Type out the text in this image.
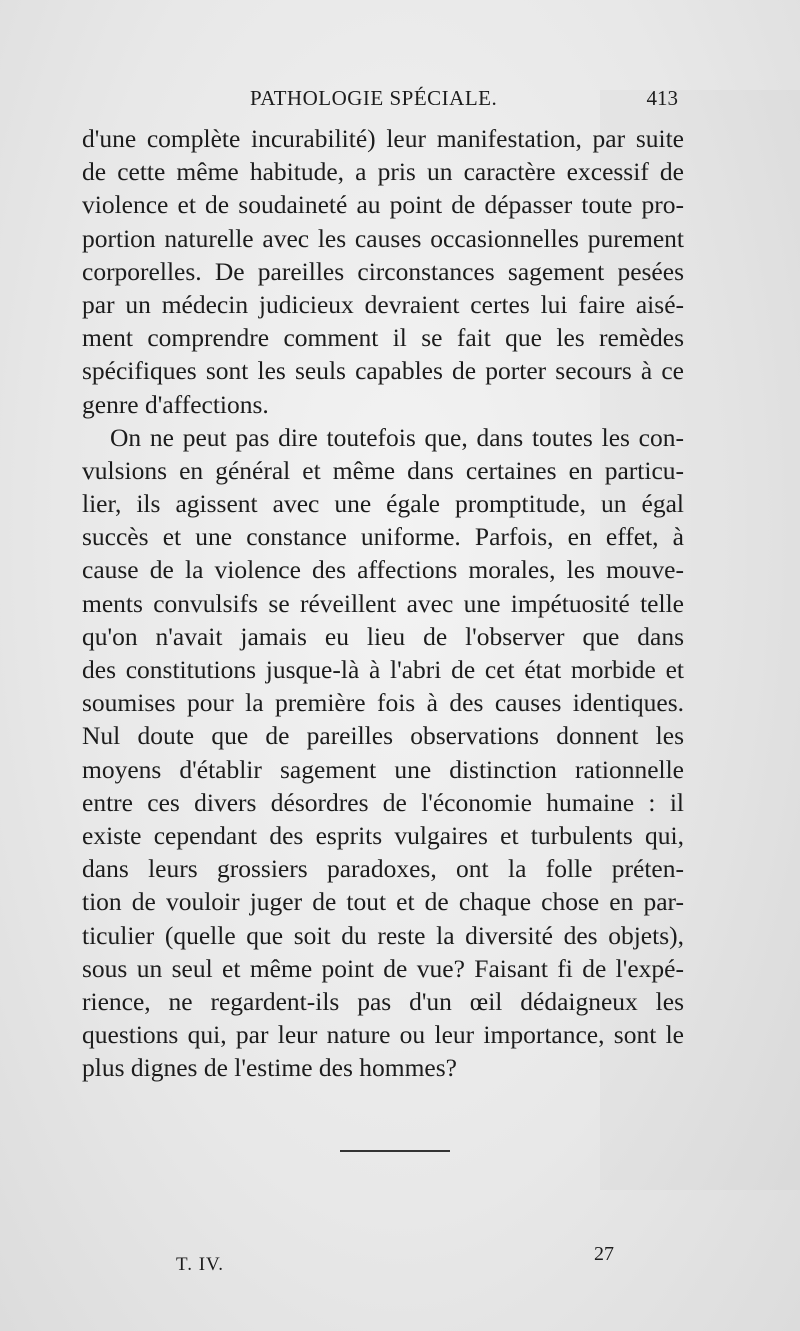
PATHOLOGIE SPÉCIALE.	413
d'une complète incurabilité) leur manifestation, par suite
de cette même habitude, a pris un caractère excessif de
violence et de soudaineté au point de dépasser toute pro-
portion naturelle avec les causes occasionnelles purement
corporelles. De pareilles circonstances sagement pesées
par un médecin judicieux devraient certes lui faire aisé-
ment comprendre comment il se fait que les remèdes
spécifiques sont les seuls capables de porter secours à ce
genre d'affections.
On ne peut pas dire toutefois que, dans toutes les con-
vulsions en général et même dans certaines en particu-
lier, ils agissent avec une égale promptitude, un égal
succès et une constance uniforme. Parfois, en effet, à
cause de la violence des affections morales, les mouve-
ments convulsifs se réveillent avec une impétuosité telle
qu'on n'avait jamais eu lieu de l'observer que dans
des constitutions jusque-là à l'abri de cet état morbide et
soumises pour la première fois à des causes identiques.
Nul doute que de pareilles observations donnent les
moyens d'établir sagement une distinction rationnelle
entre ces divers désordres de l'économie humaine : il
existe cependant des esprits vulgaires et turbulents qui,
dans leurs grossiers paradoxes, ont la folle préten-
tion de vouloir juger de tout et de chaque chose en par-
ticulier (quelle que soit du reste la diversité des objets),
sous un seul et même point de vue? Faisant fi de l'expé-
rience, ne regardent-ils pas d'un œil dédaigneux les
questions qui, par leur nature ou leur importance, sont le
plus dignes de l'estime des hommes?
T. IV.	27
